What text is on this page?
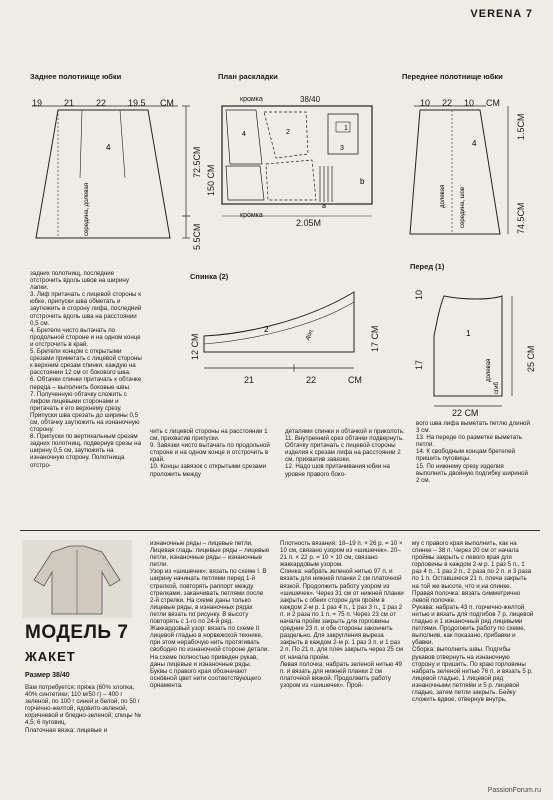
VERENA 7
Заднее полотнище юбки	План раскладки	Переднее полотнище юбки
4
середина, долевая
19 21 22 19.5 СМ
72.5СМ
5.5СМ
38/40
кромка
1
2
3
4
a
b
150 СМ
кромка
2.05М
4
долевая середина, шов
10 22 10 СМ
1.5СМ
74.5СМ
Спинка (2)
Перед (1)
2	доп.
12 СМ	17 СМ
21	22	СМ
1
долевая
сгиб
10
17	25 СМ
22 СМ
задних полотнищ, последние отстрочить вдоль швов на ширину лапки.
3. Лиф притачать с лицевой стороны к юбке, припуски шва обметать и заутюжить в сторону лифа, последний отстрочить вдоль шва на расстоянии 0,5 см.
4. Бретели чисто вытачать по продольной стороне и на одном конце и отстрочить в край.
5. Бретели концом с открытыми срезами приметать с лицевой стороны к верхним срезам спинки, каждую на расстоянии 12 см от бокового шва.
6. Обтачки спинки притачать к обтачке переда – выполнить боковые швы.
7. Полученную обтачку сложить с лифом лицевыми сторонами и притачать к его верхнему срезу. Припуски шва срезать до ширины 0,5 см, обтачку заутюжить на изнаночную сторону.
8. Припуски по вертикальным срезам задних полотнищ, подвернув срезы на ширину 0,5 см, заутюжить на изнаночную сторону. Полотнища отстро-
чить с лицевой стороны на расстоянии 1 см, прихватив припуски.
9. Завязки чисто вытачать по продольной стороне и на одном конце и отстрочить в край.
10. Концы завязок с открытыми срезами проложить между
деталями спинки и обтачкой и приколоть.
11. Внутренний срез обтачки подвернуть. Обтачку притачать с лицевой стороны изделия к срезам лифа на расстоянии 2 см, прихватив завязки.
12. Надо шов притачивания юбки на уровне правого боко-
вого шва лифа выметать петлю длиной 3 см.
13. На переде по разметке выметать петли.
14. К свободным концам бретелей пришить пуговицы.
15. По нижнему срезу изделия выполнить двойную подгибку шириной 2 см.
МОДЕЛЬ 7
ЖАКЕТ
Размер 38/40
Вам потребуется: пряжа (60% хлопка, 40% синтетики; 110 м/50 г) – 400 г зеленой, по 100 г синей и белой, по 50 г горчично-желтой, ядовито-зеленой, коричневой и бледно-зеленой; спицы № 4,5; 6 пуговиц.
Платочная вязка: лицевые и
изнаночные ряды – лицевые петли.
Лицевая гладь: лицевые ряды – лицевые петли, изнаночные ряды – изнаночные петли.
Узор из «шишечек»: вязать по схеме I. В ширину начинать петлями перед 1-й стрелкой, повторять раппорт между стрелками, заканчивать петлями после 2-й стрелки. На схеме даны только лицевые ряды, в изнаночных рядах петли вязать по рисунку. В высоту повторять с 1-го по 24-й ряд.
Жаккардовый узор: вязать по схеме II лицевой гладью в норвежской технике, при этом нерабочую нить протягивать свободно по изнаночной стороне детали. На схеме полностью приведен рукав, даны лицевые и изнаночные ряды. Буквы с правого края обозначают основной цвет нити соответствующего орнамента.
Плотность вязания: 18–19 п. × 26 р. = 10 × 10 см, связано узором из «шишечек». 20–21 п. × 22 р. = 10 × 10 см, связано жаккардовым узором.
Спинка: набрать зеленой нитью 97 п. и вязать для нижней планки 2 см платочной вязкой. Продолжить работу узором из «шишечек». Через 31 см от нижней планки закрыть с обеих сторон для пройм в каждом 2-м р. 1 раз 4 п., 1 раз 3 п., 1 раз 2 п. и 2 раза по 1 п. = 75 п. Через 23 см от начала пройм закрыть для горловины средние 23 п. и обе стороны закончить раздельно. Для закругления выреза закрыть в каждом 2-м р. 1 раз 3 п. и 1 раз 2 п. По 21 п. для плеч закрыть через 25 см от начала пройм.
Левая полочка: набрать зеленой нитью 49 п. и вязать для нижней планки 2 см платочной вязкой. Продолжить работу узором из «шишечек». Прой-
му с правого края выполнить, как на спинке – 38 п. Через 20 см от начала проймы закрыть с левого края для горловины в каждом 2-м р. 1 раз 5 п., 1 раз 4 п., 1 раз 2 п., 2 раза по 2 п. и 3 раза по 1 п. Оставшиеся 21 п. плеча закрыть на той же высоте, что и на спинке.
Правая полочка: вязать симметрично левой полочке.
Рукава: набрать 43 п. горчично-желтой нитью и вязать для подгибов 7 р. лицевой гладью и 1 изнаночный ряд лицевыми петлями. Продолжить работу по схеме, выполнив, как показано, прибавки и убавки.
Сборка: выполнить швы. Подгибы рукавов отвернуть на изнаночную сторону и пришить. По краю горловины набрать зеленой нитью 76 п. и вязать 5 р. лицевой гладью, 1 лицевой ряд изнаночными петлями и 5 р. лицевой гладью, затем петли закрыть. Бейку сложить вдвое, отвернув внутрь,
PassionForum.ru
